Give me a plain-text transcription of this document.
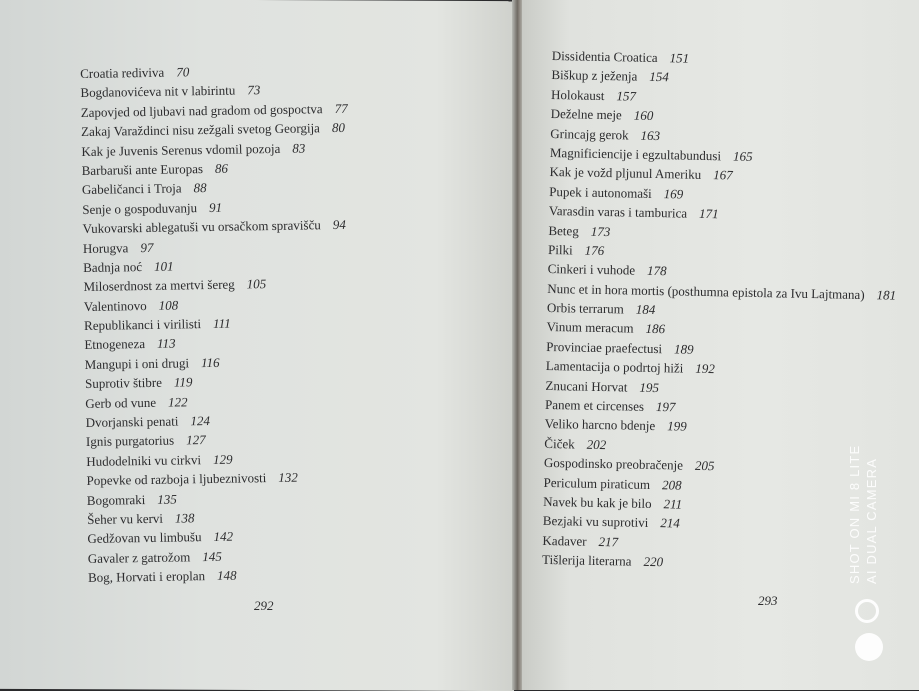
Croatia rediviva 70
Bogdanovićeva nit v labirintu 73
Zapovjed od ljubavi nad gradom od gospoctva 77
Zakaj Varaždinci nisu zežgali svetog Georgija 80
Kak je Juvenis Serenus vdomil pozoja 83
Barbaruši ante Europas 86
Gabeličanci i Troja 88
Senje o gospoduvanju 91
Vukovarski ablegatuši vu orsačkom spravišču 94
Horugva 97
Badnja noć 101
Miloserdnost za mertvi šereg 105
Valentinovo 108
Republikanci i virilisti 111
Etnogeneza 113
Mangupi i oni drugi 116
Suprotiv štibre 119
Gerb od vune 122
Dvorjanski penati 124
Ignis purgatorius 127
Hudodelniki vu cirkvi 129
Popevke od razboja i ljubeznivosti 132
Bogomraki 135
Šeher vu kervi 138
Gedžovan vu limbušu 142
Gavaler z gatrožom 145
Bog, Horvati i eroplan 148
Dissidentia Croatica 151
Biškup z ježenja 154
Holokaust 157
Deželne meje 160
Grincajg gerok 163
Magnificiencije i egzultabundusi 165
Kak je vožd pljunul Ameriku 167
Pupek i autonomaši 169
Varasdin varas i tamburica 171
Beteg 173
Pilki 176
Cinkeri i vuhode 178
Nunc et in hora mortis (posthumna epistola za Ivu Lajtmana) 181
Orbis terrarum 184
Vinum meracum 186
Provinciae praefectusi 189
Lamentacija o podrtoj hiži 192
Znucani Horvat 195
Panem et circenses 197
Veliko harcno bdenje 199
Čiček 202
Gospodinsko preobračenje 205
Periculum piraticum 208
Navek bu kak je bilo 211
Bezjaki vu suprotivi 214
Kadaver 217
Tišlerija literarna 220
292	293
SHOT ON MI 8 LITE AI DUAL CAMERA
